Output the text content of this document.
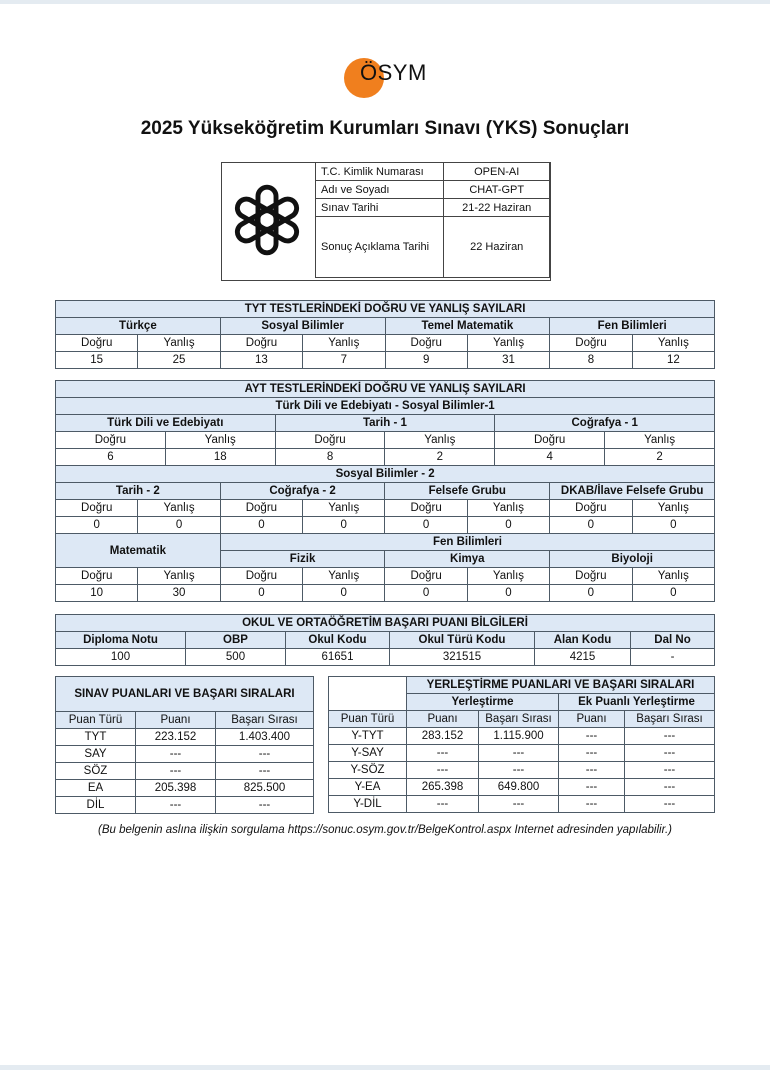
ÖSYM
2025 Yükseköğretim Kurumları Sınavı (YKS) Sonuçları
T.C. Kimlik Numarası	OPEN-AI
Adı ve Soyadı	CHAT-GPT
Sınav Tarihi	21-22 Haziran
Sonuç Açıklama Tarihi	22 Haziran
TYT TESTLERİNDEKİ DOĞRU VE YANLIŞ SAYILARI							
Türkçe		Sosyal Bilimler		Temel Matematik		Fen Bilimleri	
Doğru	Yanlış	Doğru	Yanlış	Doğru	Yanlış	Doğru	Yanlış
15	25	13	7	9	31	8	12
AYT TESTLERİNDEKİ DOĞRU VE YANLIŞ SAYILARI											
Türk Dili ve Edebiyatı - Sosyal Bilimler-1											
Türk Dili ve Edebiyatı				Tarih - 1				Coğrafya - 1			
Doğru		Yanlış		Doğru		Yanlış		Doğru		Yanlış	
6		18		8		2		4		2	
Sosyal Bilimler - 2											
Tarih - 2			Coğrafya - 2			Felsefe Grubu			DKAB/İlave Felsefe Grubu		
Doğru	Yanlış		Doğru		Yanlış	Doğru	Yanlış		Doğru		Yanlış
0	0		0		0	0	0		0		0
Matematik			Fen Bilimleri								
			Fizik			Kimya			Biyoloji		
Doğru	Yanlış		Doğru		Yanlış	Doğru	Yanlış		Doğru		Yanlış
10	30		0		0	0	0		0		0
OKUL VE ORTAÖĞRETİM BAŞARI PUANI BİLGİLERİ					
Diploma Notu	OBP	Okul Kodu	Okul Türü Kodu	Alan Kodu	Dal No
100	500	61651	321515	4215	-
SINAV PUANLARI VE BAŞARI SIRALARI		
Puan Türü	Puanı	Başarı Sırası
TYT	223.152	1.403.400
SAY	---	---
SÖZ	---	---
EA	205.398	825.500
DİL	---	---
	YERLEŞTİRME PUANLARI VE BAŞARI SIRALARI			
	Yerleştirme		Ek Puanlı Yerleştirme	
Puan Türü	Puanı	Başarı Sırası	Puanı	Başarı Sırası
Y-TYT	283.152	1.115.900	---	---
Y-SAY	---	---	---	---
Y-SÖZ	---	---	---	---
Y-EA	265.398	649.800	---	---
Y-DİL	---	---	---	---
(Bu belgenin aslına ilişkin sorgulama https://sonuc.osym.gov.tr/BelgeKontrol.aspx Internet adresinden yapılabilir.)
